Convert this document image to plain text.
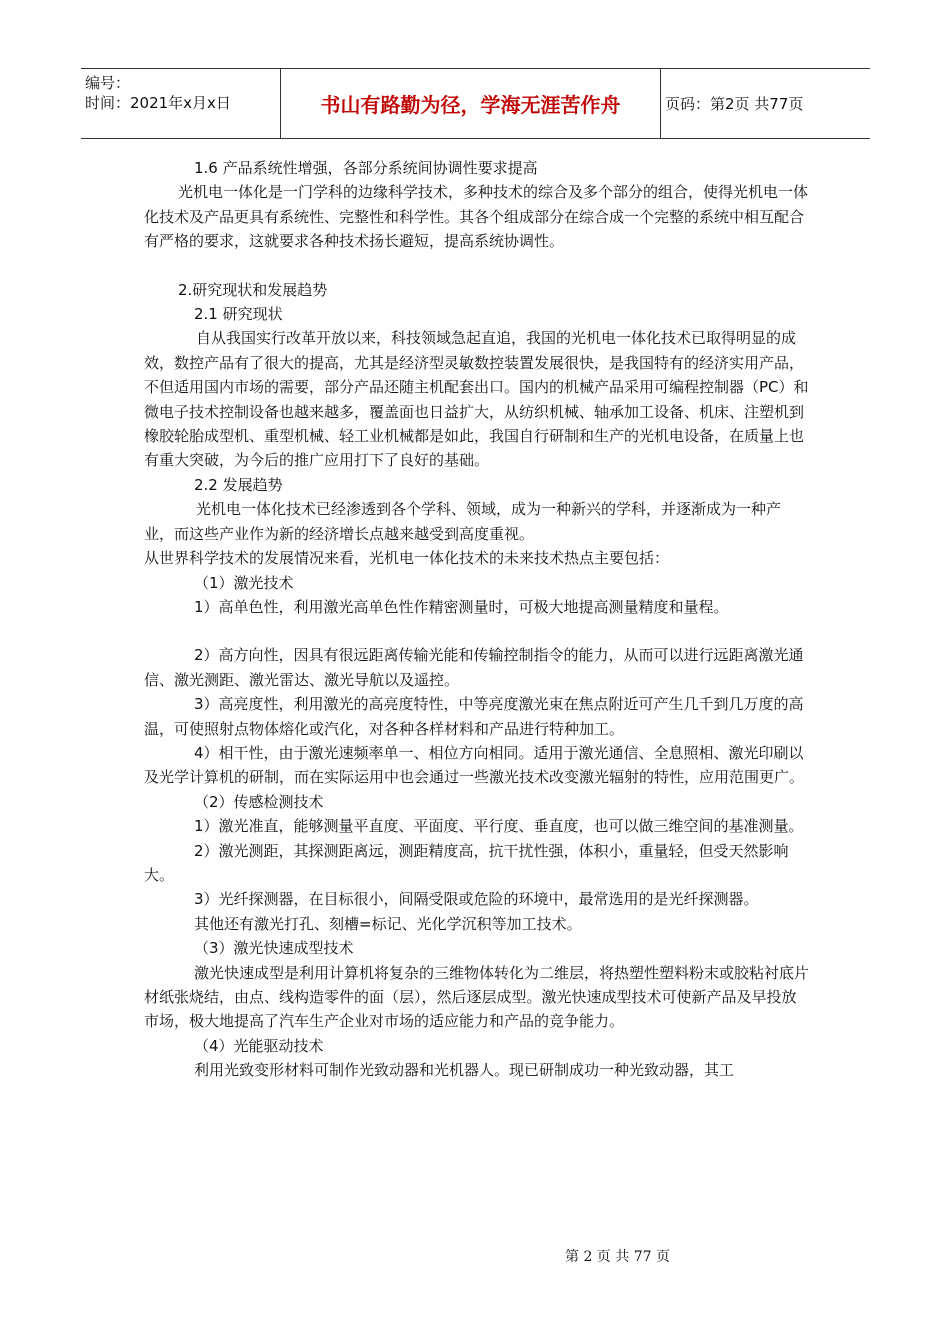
编号：
时间：2021年x月x日	书山有路勤为径，学海无涯苦作舟	页码：第2页 共77页

1.6 产品系统性增强，各部分系统间协调性要求提高

光机电一体化是一门学科的边缘科学技术，多种技术的综合及多个部分的组合，使得光机电一体化技术及产品更具有系统性、完整性和科学性。其各个组成部分在综合成一个完整的系统中相互配合有严格的要求，这就要求各种技术扬长避短，提高系统协调性。

2.研究现状和发展趋势

2.1 研究现状

自从我国实行改革开放以来，科技领域急起直追，我国的光机电一体化技术已取得明显的成效，数控产品有了很大的提高，尤其是经济型灵敏数控装置发展很快，是我国特有的经济实用产品，不但适用国内市场的需要，部分产品还随主机配套出口。国内的机械产品采用可编程控制器（PC）和微电子技术控制设备也越来越多，覆盖面也日益扩大，从纺织机械、轴承加工设备、机床、注塑机到橡胶轮胎成型机、重型机械、轻工业机械都是如此，我国自行研制和生产的光机电设备，在质量上也有重大突破，为今后的推广应用打下了良好的基础。

2.2 发展趋势

光机电一体化技术已经渗透到各个学科、领域，成为一种新兴的学科，并逐渐成为一种产业，而这些产业作为新的经济增长点越来越受到高度重视。

从世界科学技术的发展情况来看，光机电一体化技术的未来技术热点主要包括：

（1）激光技术

1）高单色性，利用激光高单色性作精密测量时，可极大地提高测量精度和量程。

2）高方向性，因具有很远距离传输光能和传输控制指令的能力，从而可以进行远距离激光通信、激光测距、激光雷达、激光导航以及遥控。

3）高亮度性，利用激光的高亮度特性，中等亮度激光束在焦点附近可产生几千到几万度的高温，可使照射点物体熔化或汽化，对各种各样材料和产品进行特种加工。

4）相干性，由于激光速频率单一、相位方向相同。适用于激光通信、全息照相、激光印刷以及光学计算机的研制，而在实际运用中也会通过一些激光技术改变激光辐射的特性，应用范围更广。

（2）传感检测技术

1）激光准直，能够测量平直度、平面度、平行度、垂直度，也可以做三维空间的基准测量。

2）激光测距，其探测距离远，测距精度高，抗干扰性强，体积小，重量轻，但受天然影响大。

3）光纤探测器，在目标很小，间隔受限或危险的环境中，最常选用的是光纤探测器。

其他还有激光打孔、刻槽=标记、光化学沉积等加工技术。

（3）激光快速成型技术

激光快速成型是利用计算机将复杂的三维物体转化为二维层，将热塑性塑料粉末或胶粘衬底片材纸张烧结，由点、线构造零件的面（层），然后逐层成型。激光快速成型技术可使新产品及早投放市场，极大地提高了汽车生产企业对市场的适应能力和产品的竞争能力。

（4）光能驱动技术

利用光致变形材料可制作光致动器和光机器人。现已研制成功一种光致动器，其工

第 2 页 共 77 页
